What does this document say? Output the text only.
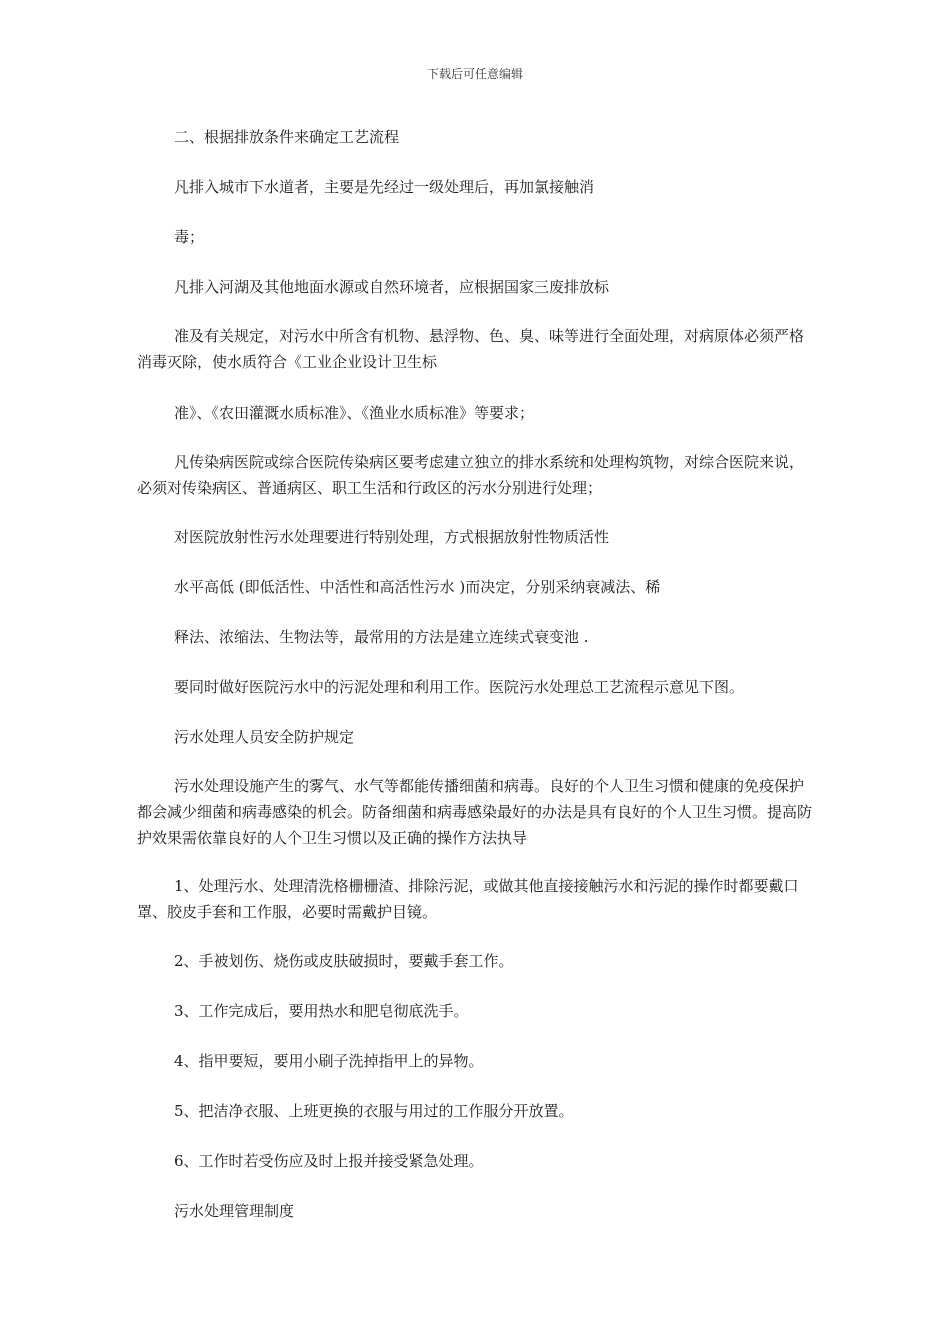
下载后可任意编辑
二、根据排放条件来确定工艺流程
凡排入城市下水道者，主要是先经过一级处理后，再加氯接触消
毒；
凡排入河湖及其他地面水源或自然环境者，应根据国家三废排放标
准及有关规定，对污水中所含有机物、悬浮物、色、臭、味等进行全面处理，对病原体必须严格消毒灭除，使水质符合《工业企业设计卫生标
准》、《农田灌溉水质标准》、《渔业水质标准》等要求；
凡传染病医院或综合医院传染病区要考虑建立独立的排水系统和处理构筑物，对综合医院来说，必须对传染病区、普通病区、职工生活和行政区的污水分别进行处理；
对医院放射性污水处理要进行特别处理，方式根据放射性物质活性
水平高低 (即低活性、中活性和高活性污水 )而决定，分别采纳衰减法、稀
释法、浓缩法、生物法等，最常用的方法是建立连续式衰变池 .
要同时做好医院污水中的污泥处理和利用工作。医院污水处理总工艺流程示意见下图。
污水处理人员安全防护规定
污水处理设施产生的雾气、水气等都能传播细菌和病毒。良好的个人卫生习惯和健康的免疫保护都会减少细菌和病毒感染的机会。防备细菌和病毒感染最好的办法是具有良好的个人卫生习惯。提高防护效果需依靠良好的人个卫生习惯以及正确的操作方法执导
1、处理污水、处理清洗格栅栅渣、排除污泥，或做其他直接接触污水和污泥的操作时都要戴口罩、胶皮手套和工作服，必要时需戴护目镜。
2、手被划伤、烧伤或皮肤破损时，要戴手套工作。
3、工作完成后，要用热水和肥皂彻底洗手。
4、指甲要短，要用小刷子洗掉指甲上的异物。
5、把洁净衣服、上班更换的衣服与用过的工作服分开放置。
6、工作时若受伤应及时上报并接受紧急处理。
污水处理管理制度
